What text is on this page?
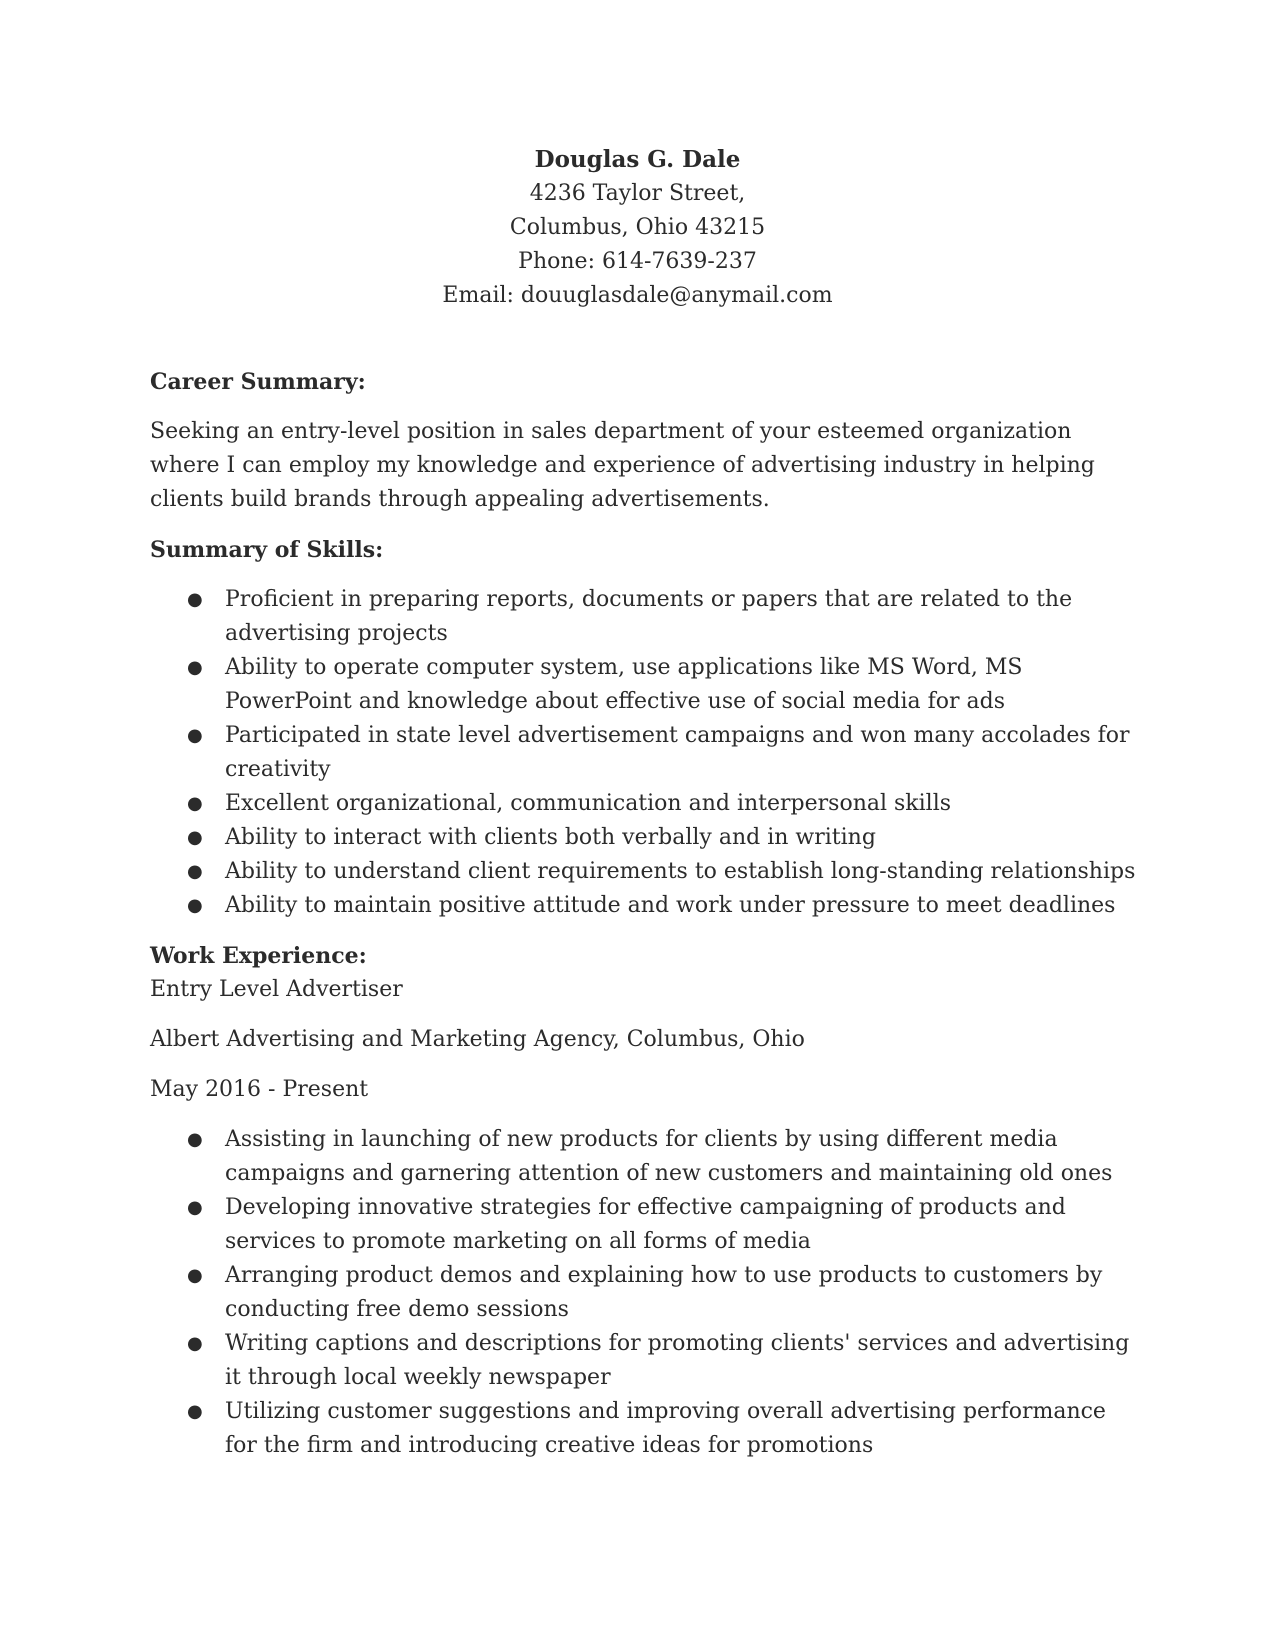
Douglas G. Dale
4236 Taylor Street,
Columbus, Ohio 43215
Phone: 614-7639-237
Email: douuglasdale@anymail.com
Career Summary:

Seeking an entry-level position in sales department of your esteemed organization where I can employ my knowledge and experience of advertising industry in helping clients build brands through appealing advertisements.

Summary of Skills:
● Proficient in preparing reports, documents or papers that are related to the advertising projects
● Ability to operate computer system, use applications like MS Word, MS PowerPoint and knowledge about effective use of social media for ads
● Participated in state level advertisement campaigns and won many accolades for creativity
● Excellent organizational, communication and interpersonal skills
● Ability to interact with clients both verbally and in writing
● Ability to understand client requirements to establish long-standing relationships
● Ability to maintain positive attitude and work under pressure to meet deadlines
Work Experience:

Entry Level Advertiser

Albert Advertising and Marketing Agency, Columbus, Ohio

May 2016 - Present

● Assisting in launching of new products for clients by using different media campaigns and garnering attention of new customers and maintaining old ones
● Developing innovative strategies for effective campaigning of products and services to promote marketing on all forms of media
● Arranging product demos and explaining how to use products to customers by conducting free demo sessions
● Writing captions and descriptions for promoting clients' services and advertising it through local weekly newspaper
● Utilizing customer suggestions and improving overall advertising performance for the firm and introducing creative ideas for promotions
